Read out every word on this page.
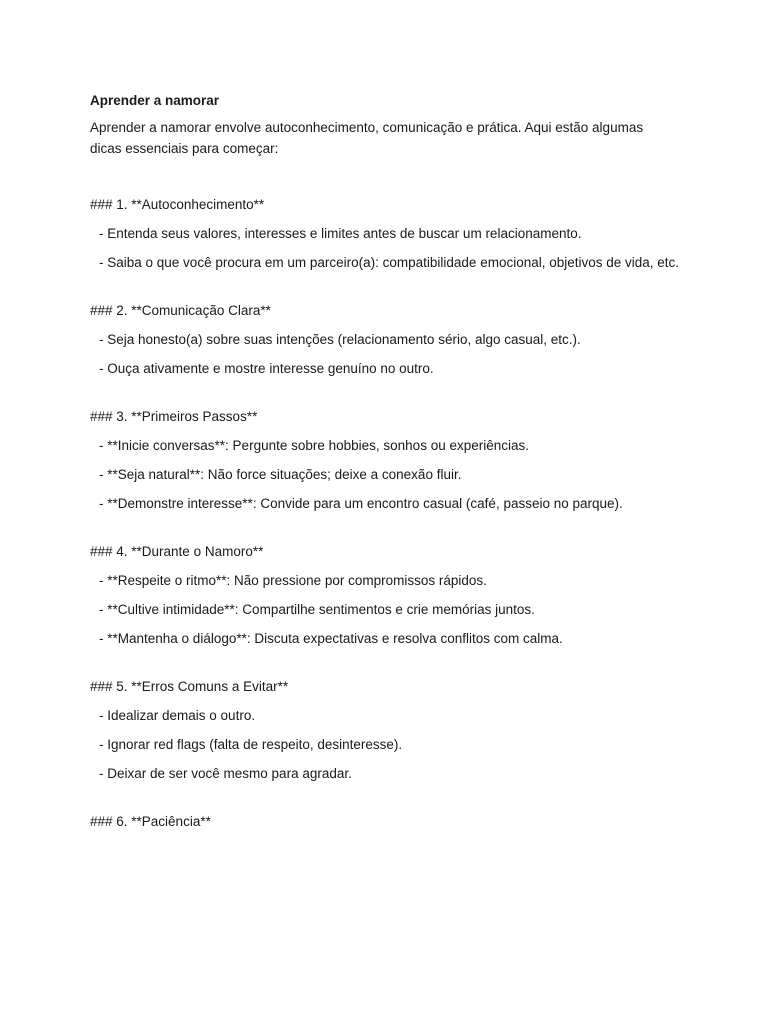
Aprender a namorar
Aprender a namorar envolve autoconhecimento, comunicação e prática. Aqui estão algumas dicas essenciais para começar:
### 1. **Autoconhecimento**
- Entenda seus valores, interesses e limites antes de buscar um relacionamento.
- Saiba o que você procura em um parceiro(a): compatibilidade emocional, objetivos de vida, etc.
### 2. **Comunicação Clara**
- Seja honesto(a) sobre suas intenções (relacionamento sério, algo casual, etc.).
- Ouça ativamente e mostre interesse genuíno no outro.
### 3. **Primeiros Passos**
- **Inicie conversas**: Pergunte sobre hobbies, sonhos ou experiências.
- **Seja natural**: Não force situações; deixe a conexão fluir.
- **Demonstre interesse**: Convide para um encontro casual (café, passeio no parque).
### 4. **Durante o Namoro**
- **Respeite o ritmo**: Não pressione por compromissos rápidos.
- **Cultive intimidade**: Compartilhe sentimentos e crie memórias juntos.
- **Mantenha o diálogo**: Discuta expectativas e resolva conflitos com calma.
### 5. **Erros Comuns a Evitar**
- Idealizar demais o outro.
- Ignorar red flags (falta de respeito, desinteresse).
- Deixar de ser você mesmo para agradar.
### 6. **Paciência**
